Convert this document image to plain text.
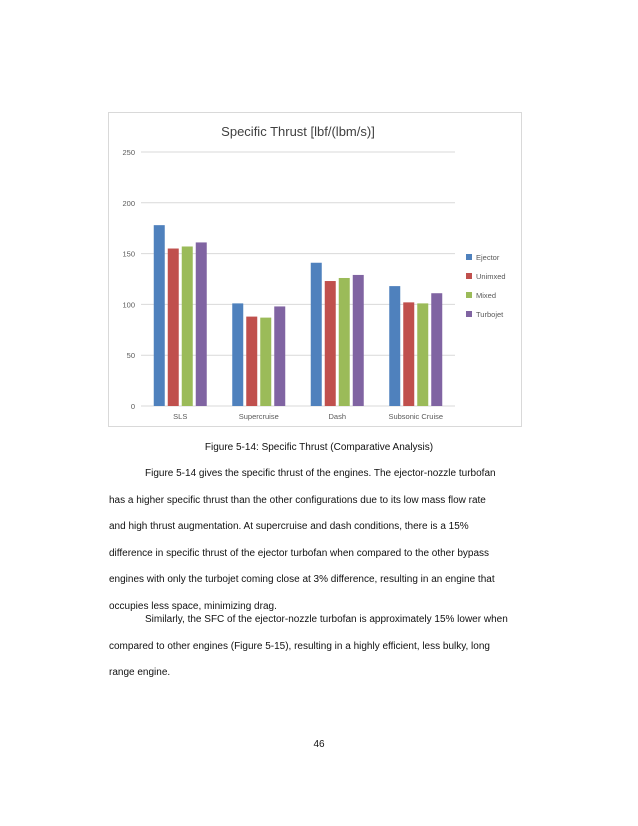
Specific Thrust [lbf/(lbm/s)]
0
50
100
150
200
250
SLS	Supercruise	Dash	Subsonic Cruise
Ejector
Unimxed
Mixed
Turbojet
Figure 5-14: Specific Thrust (Comparative Analysis)

Figure 5-14 gives the specific thrust of the engines. The ejector-nozzle turbofan
has a higher specific thrust than the other configurations due to its low mass flow rate
and high thrust augmentation. At supercruise and dash conditions, there is a 15%
difference in specific thrust of the ejector turbofan when compared to the other bypass
engines with only the turbojet coming close at 3% difference, resulting in an engine that
occupies less space, minimizing drag.

Similarly, the SFC of the ejector-nozzle turbofan is approximately 15% lower when
compared to other engines (Figure 5-15), resulting in a highly efficient, less bulky, long
range engine.

46
